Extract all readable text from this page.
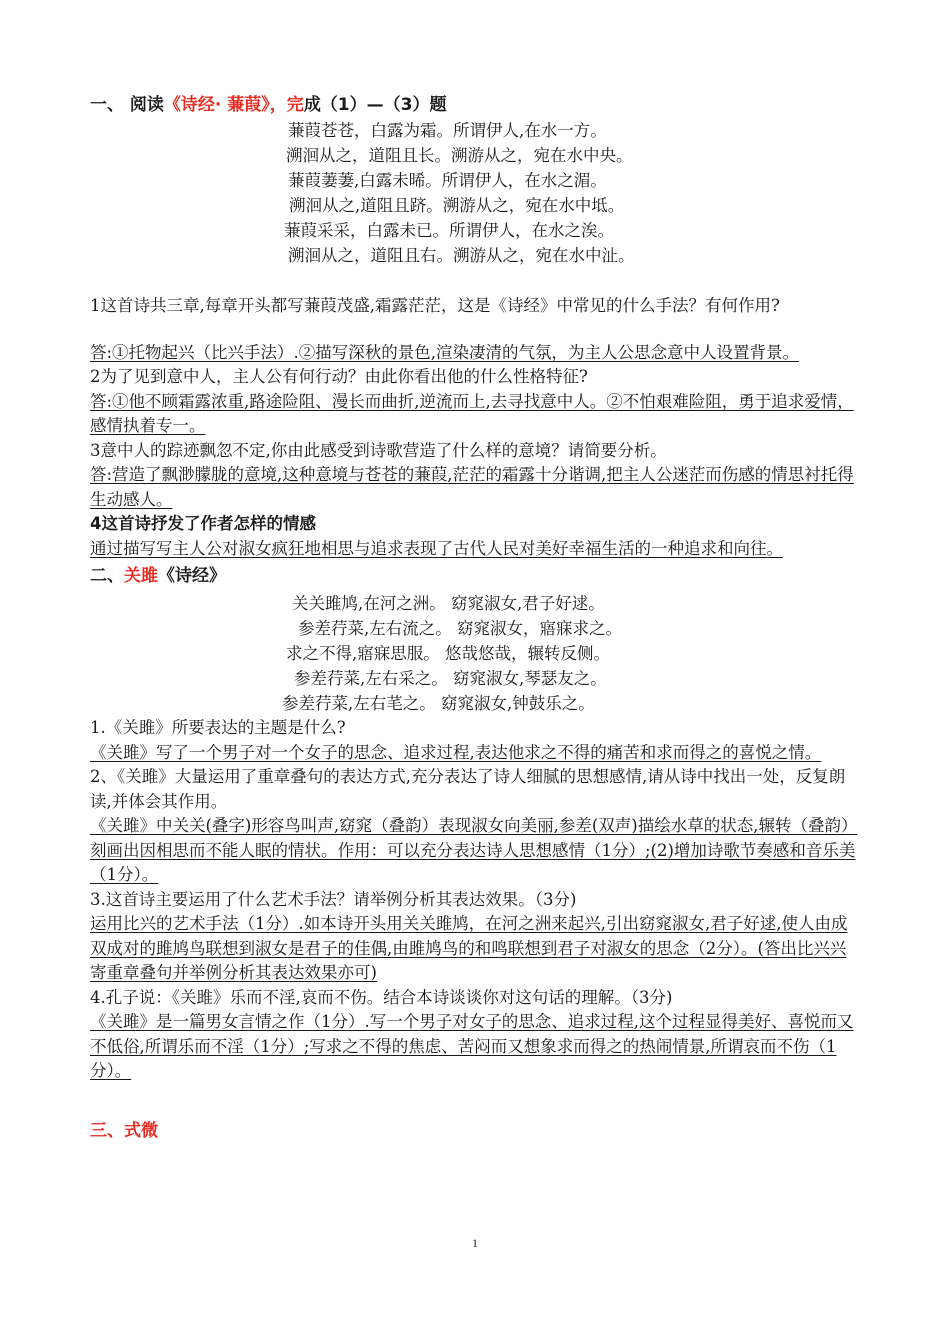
一、 阅读《诗经· 蒹葭》，完成（1）—（3）题
蒹葭苍苍，白露为霜。所谓伊人,在水一方。
溯洄从之，道阻且长。溯游从之，宛在水中央。
蒹葭萋萋,白露未晞。所谓伊人，在水之湄。
溯洄从之,道阻且跻。溯游从之，宛在水中坻。
蒹葭采采，白露未已。所谓伊人，在水之涘。
溯洄从之，道阻且右。溯游从之，宛在水中沚。

1这首诗共三章,每章开头都写蒹葭茂盛,霜露茫茫，这是《诗经》中常见的什么手法？有何作用?

答:①托物起兴（比兴手法）.②描写深秋的景色,渲染凄清的气氛，为主人公思念意中人设置背景。

2为了见到意中人，主人公有何行动？由此你看出他的什么性格特征?

答:①他不顾霜露浓重,路途险阻、漫长而曲折,逆流而上,去寻找意中人。②不怕艰难险阻，勇于追求爱情，感情执着专一。

3意中人的踪迹飘忽不定,你由此感受到诗歌营造了什么样的意境？请简要分析。

答:营造了飘渺朦胧的意境,这种意境与苍苍的蒹葭,茫茫的霜露十分谐调,把主人公迷茫而伤感的情思衬托得生动感人。

4这首诗抒发了作者怎样的情感

通过描写写主人公对淑女疯狂地相思与追求表现了古代人民对美好幸福生活的一种追求和向往。

二、关雎《诗经》
关关雎鸠,在河之洲。 窈窕淑女,君子好逑。
参差荇菜,左右流之。 窈窕淑女，寤寐求之。
求之不得,寤寐思服。 悠哉悠哉，辗转反侧。
参差荇菜,左右采之。 窈窕淑女,琴瑟友之。
参差荇菜,左右芼之。 窈窕淑女,钟鼓乐之。

1.《关雎》所要表达的主题是什么?

《关雎》写了一个男子对一个女子的思念、追求过程,表达他求之不得的痛苦和求而得之的喜悦之情。

2、《关雎》大量运用了重章叠句的表达方式,充分表达了诗人细腻的思想感情,请从诗中找出一处，反复朗读,并体会其作用。

《关雎》中关关(叠字)形容鸟叫声,窈窕（叠韵）表现淑女向美丽,参差(双声)描绘水草的状态,辗转（叠韵）刻画出因相思而不能人眠的情状。作用：可以充分表达诗人思想感情（1分）;(2)增加诗歌节奏感和音乐美（1分）。

3.这首诗主要运用了什么艺术手法？请举例分析其表达效果。（3分)

运用比兴的艺术手法（1分）.如本诗开头用关关雎鸠，在河之洲来起兴,引出窈窕淑女,君子好逑,使人由成双成对的雎鸠鸟联想到淑女是君子的佳偶,由雎鸠鸟的和鸣联想到君子对淑女的思念（2分）。(答出比兴兴寄重章叠句并举例分析其表达效果亦可)

4.孔子说：《关雎》乐而不淫,哀而不伤。结合本诗谈谈你对这句话的理解。（3分)

《关雎》是一篇男女言情之作（1分）.写一个男子对女子的思念、追求过程,这个过程显得美好、喜悦而又不低俗,所谓乐而不淫（1分）;写求之不得的焦虑、苦闷而又想象求而得之的热闹情景,所谓哀而不伤（1分）。

三、式微
1
